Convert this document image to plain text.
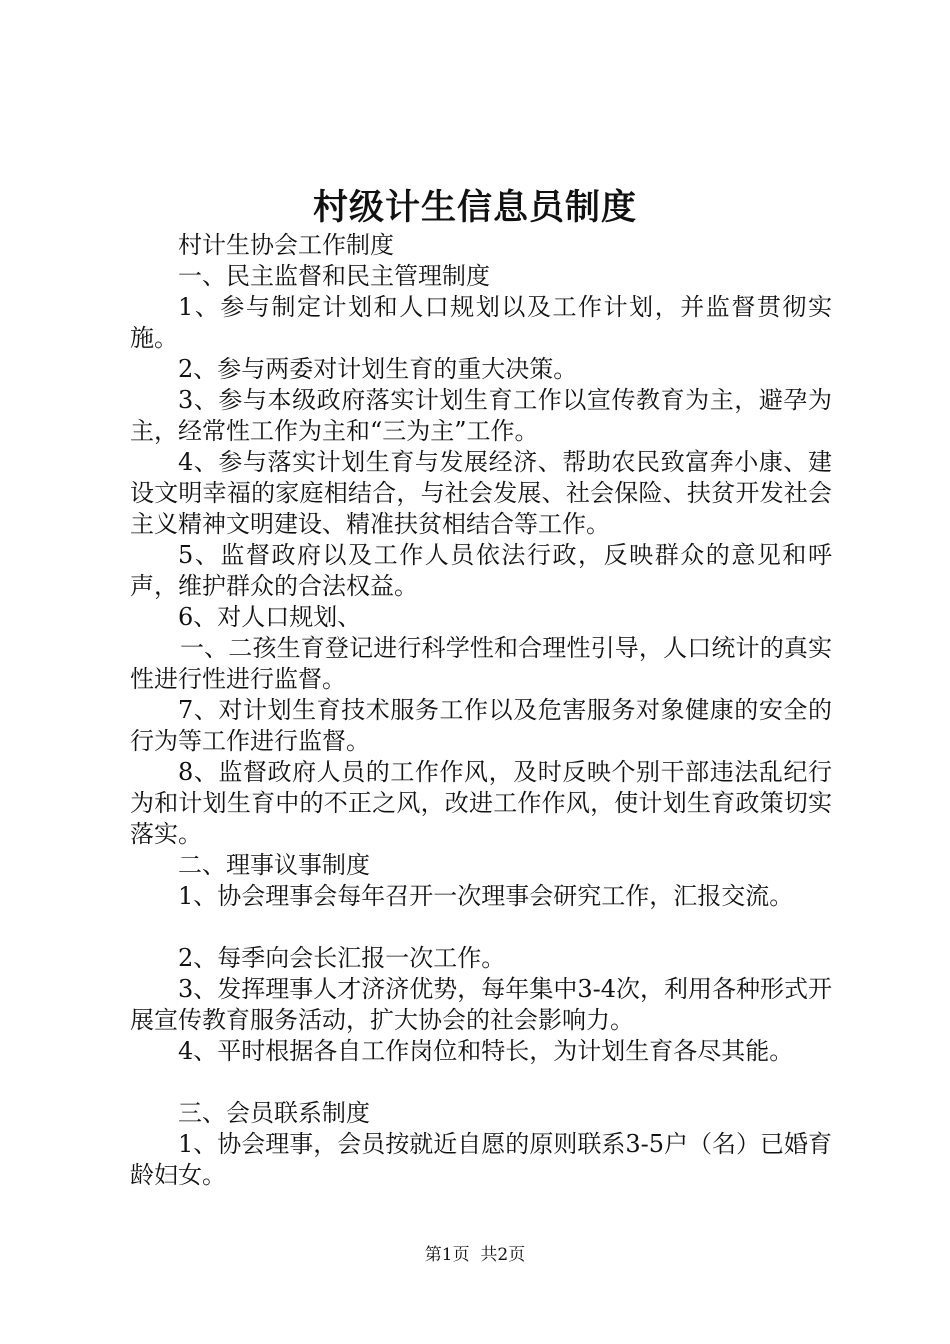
村级计生信息员制度

村计生协会工作制度

一、民主监督和民主管理制度

1、参与制定计划和人口规划以及工作计划，并监督贯彻实施。

2、参与两委对计划生育的重大决策。

3、参与本级政府落实计划生育工作以宣传教育为主，避孕为主，经常性工作为主和“三为主”工作。

4、参与落实计划生育与发展经济、帮助农民致富奔小康、建设文明幸福的家庭相结合，与社会发展、社会保险、扶贫开发社会主义精神文明建设、精准扶贫相结合等工作。

5、监督政府以及工作人员依法行政，反映群众的意见和呼声，维护群众的合法权益。

6、对人口规划、

一、二孩生育登记进行科学性和合理性引导，人口统计的真实性进行性进行监督。

7、对计划生育技术服务工作以及危害服务对象健康的安全的行为等工作进行监督。

8、监督政府人员的工作作风，及时反映个别干部违法乱纪行为和计划生育中的不正之风，改进工作作风，使计划生育政策切实落实。

二、理事议事制度

1、协会理事会每年召开一次理事会研究工作，汇报交流。

2、每季向会长汇报一次工作。

3、发挥理事人才济济优势，每年集中3-4次，利用各种形式开展宣传教育服务活动，扩大协会的社会影响力。

4、平时根据各自工作岗位和特长，为计划生育各尽其能。

三、会员联系制度

1、协会理事，会员按就近自愿的原则联系3-5户（名）已婚育龄妇女。

第1页  共2页
